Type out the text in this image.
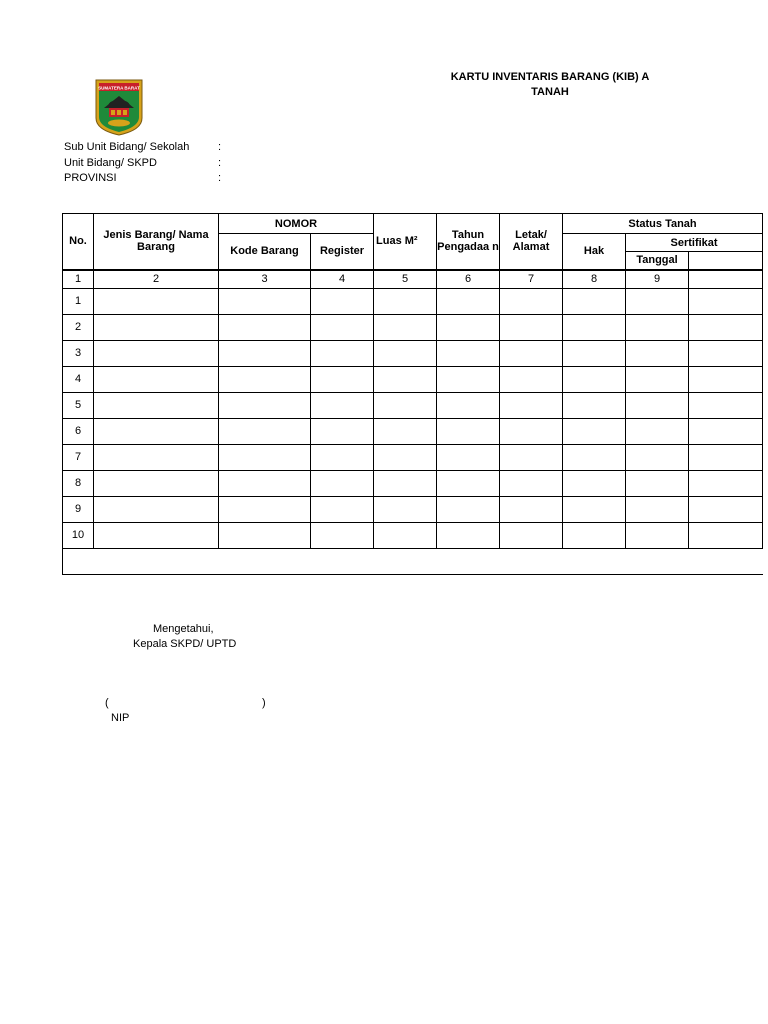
KARTU INVENTARIS BARANG (KIB) A
TANAH
SUMATERA BARAT
Sub Unit Bidang/ Sekolah	:
Unit Bidang/ SKPD	:
PROVINSI	:
No.	Jenis Barang/ Nama Barang	NOMOR		Luas M²	Tahun Pengadaa n	Letak/ Alamat	Status Tanah		
		Kode Barang	Register				Hak	Sertifikat	
								Tanggal	
1	2	3	4	5	6	7	8	9	
1									
2									
3									
4									
5									
6									
7									
8									
9									
10									

Mengetahui,
Kepala SKPD/ UPTD
(	)
NIP
